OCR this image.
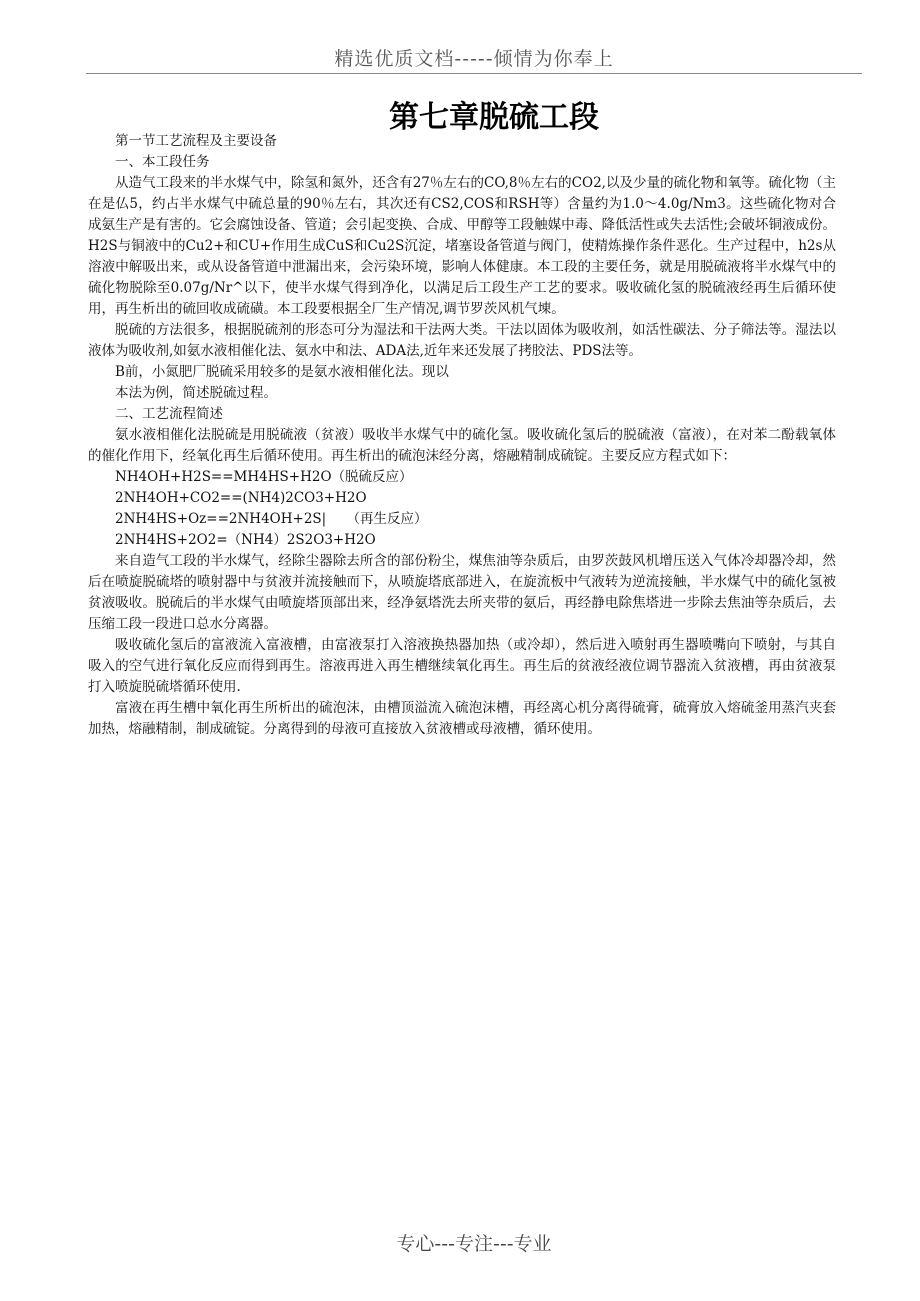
精选优质文档-----倾情为你奉上
第七章脱硫工段

第一节工艺流程及主要设备

一、本工段任务

从造气工段来的半水煤气中，除氢和氮外，还含有27％左右的CO,8％左右的CO2,以及少量的硫化物和氧等。硫化物（主在是仏5，约占半水煤气中硫总量的90％左右，其次还有CS2,COS和RSH等）含量约为1.0〜4.0g/Nm3。这些硫化物对合成氨生产是有害的。它会腐蚀设备、管道；会引起变换、合成、甲醇等工段触媒中毒、降低活性或失去活性;会破坏铜液成份。H2S与铜液中的Cu2+和CU+作用生成CuS和Cu2S沉淀，堵塞设备管道与阀门，使精炼操作条件恶化。生产过程中，h2s从溶液中解吸出来，或从设备管道中泄漏出来，会污染环境，影响人体健康。本工段的主要任务，就是用脱硫液将半水煤气中的硫化物脱除至0.07g/Nr^以下，使半水煤气得到净化，以满足后工段生产工艺的要求。吸收硫化氢的脱硫液经再生后循环使用，再生析出的硫回收成硫磺。本工段要根据全厂生产情况,调节罗茨风机气埬。

脱硫的方法很多，根据脱硫剂的形态可分为湿法和干法两大类。干法以固体为吸收剂，如活性碳法、分子筛法等。湿法以液体为吸收剂,如氨水液相催化法、氨水中和法、ADA法,近年来还发展了拷胶法、PDS法等。

B前，小氮肥厂脱硫采用较多的是氨水液相催化法。现以

本法为例，简述脱硫过程。

二、工艺流程简述

氨水液相催化法脱硫是用脱硫液（贫液）吸收半水煤气中的硫化氢。吸收硫化氢后的脱硫液（富液），在对苯二酚载氧体的催化作用下，经氧化再生后循环使用。再生析出的硫泡沫经分离，熔融精制成硫锭。主要反应方程式如下：

NH4OH+H2S==MH4HS+H2O（脱硫反应）

2NH4OH+CO2==(NH4)2CO3+H2O

2NH4HS+Oz==2NH4OH+2S|　　（再生反应）

2NH4HS+2O2=（NH4）2S2O3+H2O

来自造气工段的半水煤气，经除尘器除去所含的部份粉尘，煤焦油等杂质后，由罗茨鼓风机增压送入气体冷却器冷却，然后在喷旋脱硫塔的喷射器中与贫液并流接触而下，从喷旋塔底部进入，在旋流板中气液转为逆流接触，半水煤气中的硫化氢被贫液吸收。脱硫后的半水煤气由喷旋塔顶部出来，经净氨塔洗去所夹带的氨后，再经静电除焦塔进一步除去焦油等杂质后，去压缩工段一段进口总水分离器。

吸收硫化氢后的富液流入富液槽，由富液泵打入溶液换热器加热（或冷却），然后进入喷射再生器喷嘴向下喷射，与其自吸入的空气进行氧化反应而得到再生。溶液再进入再生槽继续氧化再生。再生后的贫液经液位调节器流入贫液槽，再由贫液泵打入喷旋脱硫塔循环使用.

富液在再生槽中氧化再生所析出的硫泡沫，由槽顶溢流入硫泡沫槽，再经离心机分离得硫膏，硫膏放入熔硫釜用蒸汽夹套加热，熔融精制，制成硫锭。分离得到的母液可直接放入贫液槽或母液槽，循环使用。

专心---专注---专业
